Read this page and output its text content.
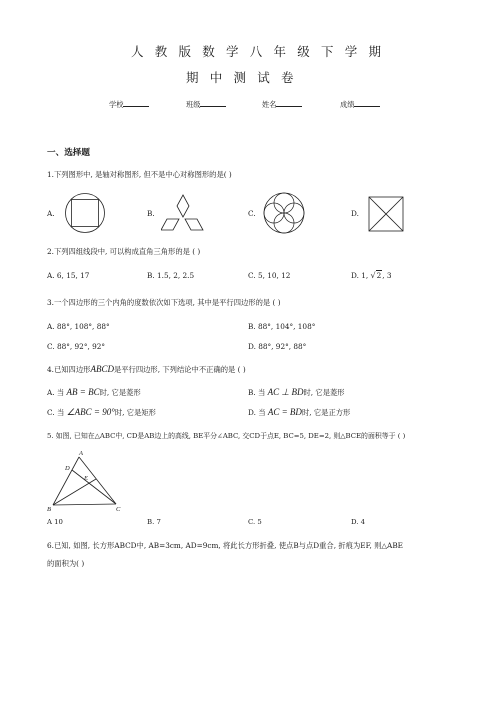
人教版数学八年级下学期
期中测试卷
学校	班级	姓名	成绩
一、选择题
1.下列图形中, 是轴对称图形, 但不是中心对称图形的是( )
A.	B.	C.	D.
2.下列四组线段中, 可以构成直角三角形的是 ( )
A. 6, 15, 17	B. 1.5, 2, 2.5	C. 5, 10, 12	D. 1, √2, 3
3.一个四边形的三个内角的度数依次如下选项, 其中是平行四边形的是 ( )
A. 88°, 108°, 88°	B. 88°, 104°, 108°
C. 88°, 92°, 92°	D. 88°, 92°, 88°
4.已知四边形ABCD是平行四边形, 下列结论中不正确的是 ( )
A. 当 AB = BC时, 它是菱形	B. 当 AC ⊥ BD时, 它是菱形
C. 当 ∠ABC = 90°时, 它是矩形	D. 当 AC = BD时, 它是正方形
5. 如图, 已知在△ABC中, CD是AB边上的高线, BE平分∠ABC, 交CD于点E, BC=5, DE=2, 则△BCE的面积等于 ( )
A
D
E
B	C
A 10	B. 7	C. 5	D. 4
6.已知, 如图, 长方形ABCD中, AB=3cm, AD=9cm, 将此长方形折叠, 使点B与点D重合, 折痕为EF, 则△ABE
的面积为( )
